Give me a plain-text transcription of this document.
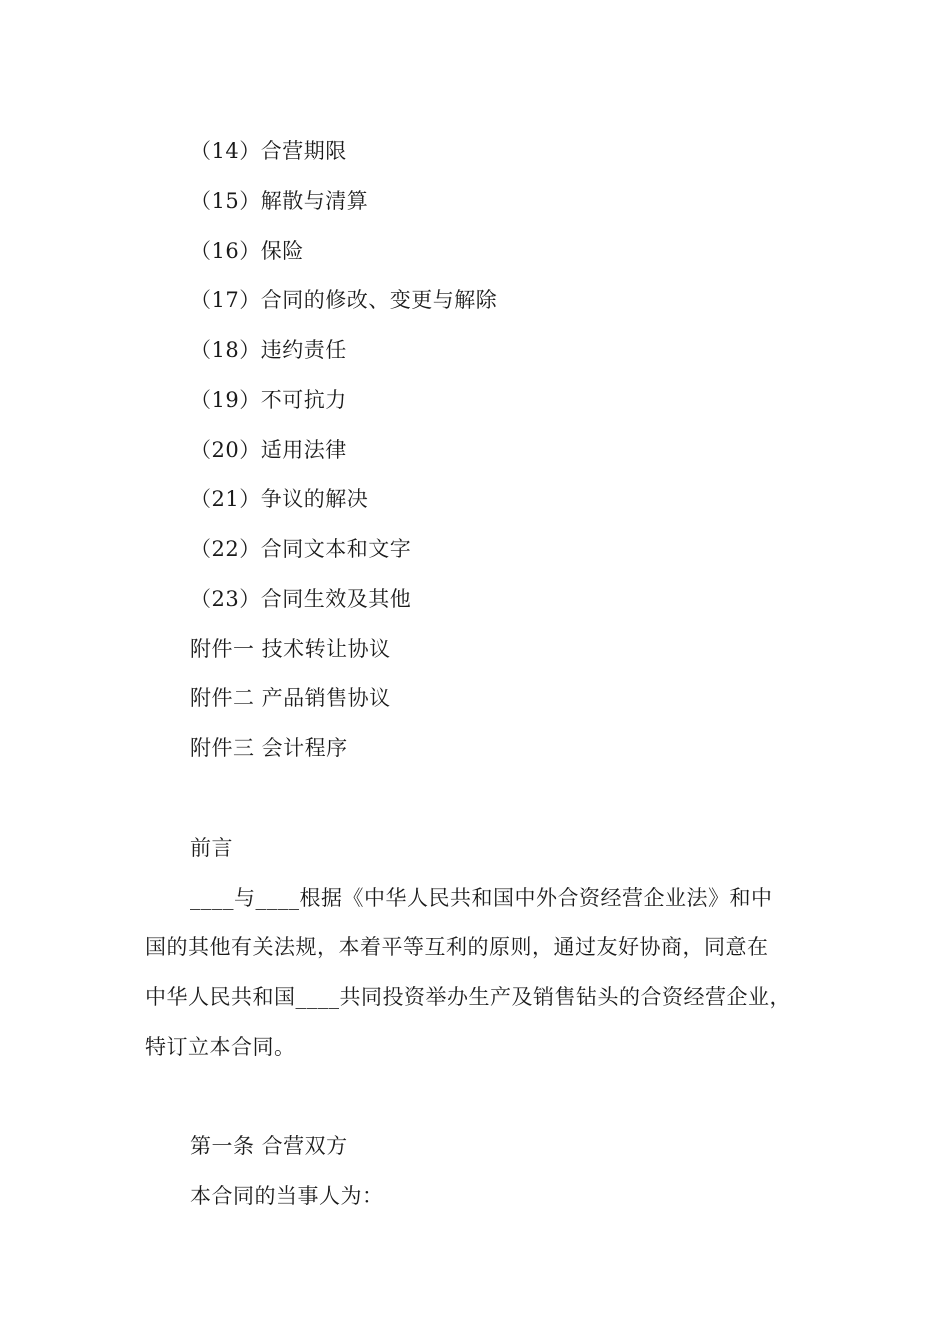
（14）合营期限
（15）解散与清算
（16）保险
（17）合同的修改、变更与解除
（18）违约责任
（19）不可抗力
（20）适用法律
（21）争议的解决
（22）合同文本和文字
（23）合同生效及其他
附件一 技术转让协议
附件二 产品销售协议
附件三 会计程序
前言
____与____根据《中华人民共和国中外合资经营企业法》和中
国的其他有关法规，本着平等互利的原则，通过友好协商，同意在
中华人民共和国____共同投资举办生产及销售钻头的合资经营企业，
特订立本合同。
第一条 合营双方
本合同的当事人为：
